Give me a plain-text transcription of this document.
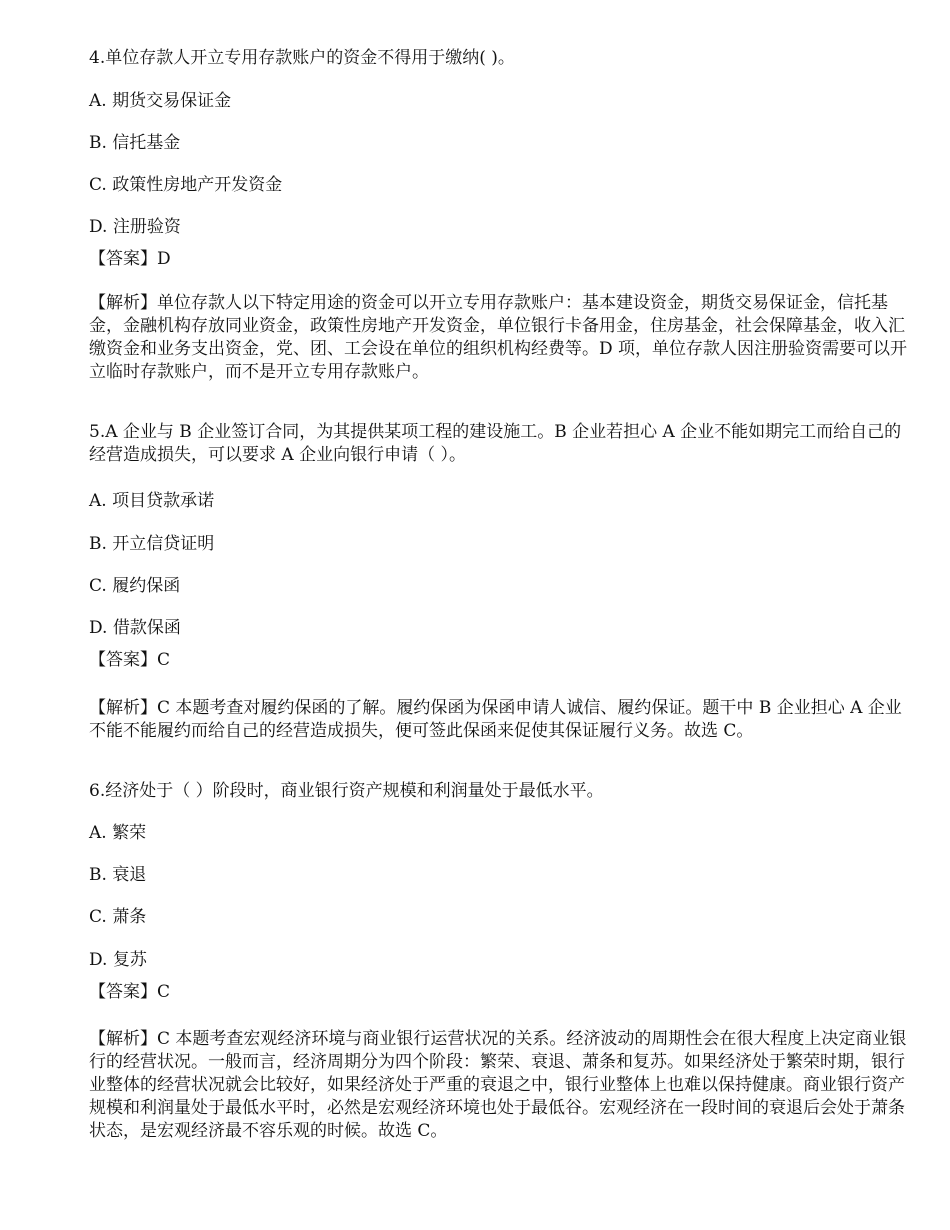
4.单位存款人开立专用存款账户的资金不得用于缴纳( )。

A. 期货交易保证金

B. 信托基金

C. 政策性房地产开发资金

D. 注册验资

【答案】D

【解析】单位存款人以下特定用途的资金可以开立专用存款账户：基本建设资金，期货交易保证金，信托基金，金融机构存放同业资金，政策性房地产开发资金，单位银行卡备用金，住房基金，社会保障基金，收入汇缴资金和业务支出资金，党、团、工会设在单位的组织机构经费等。D 项，单位存款人因注册验资需要可以开立临时存款账户，而不是开立专用存款账户。

5.A 企业与 B 企业签订合同，为其提供某项工程的建设施工。B 企业若担心 A 企业不能如期完工而给自己的经营造成损失，可以要求 A 企业向银行申请（ ）。

A. 项目贷款承诺

B. 开立信贷证明

C. 履约保函

D. 借款保函

【答案】C

【解析】C 本题考查对履约保函的了解。履约保函为保函申请人诚信、履约保证。题干中 B 企业担心 A 企业不能不能履约而给自己的经营造成损失，便可签此保函来促使其保证履行义务。故选 C。

6.经济处于（ ）阶段时，商业银行资产规模和利润量处于最低水平。

A. 繁荣

B. 衰退

C. 萧条

D. 复苏

【答案】C

【解析】C 本题考查宏观经济环境与商业银行运营状况的关系。经济波动的周期性会在很大程度上决定商业银行的经营状况。一般而言，经济周期分为四个阶段：繁荣、衰退、萧条和复苏。如果经济处于繁荣时期，银行业整体的经营状况就会比较好，如果经济处于严重的衰退之中，银行业整体上也难以保持健康。商业银行资产规模和利润量处于最低水平时，必然是宏观经济环境也处于最低谷。宏观经济在一段时间的衰退后会处于萧条状态，是宏观经济最不容乐观的时候。故选 C。
